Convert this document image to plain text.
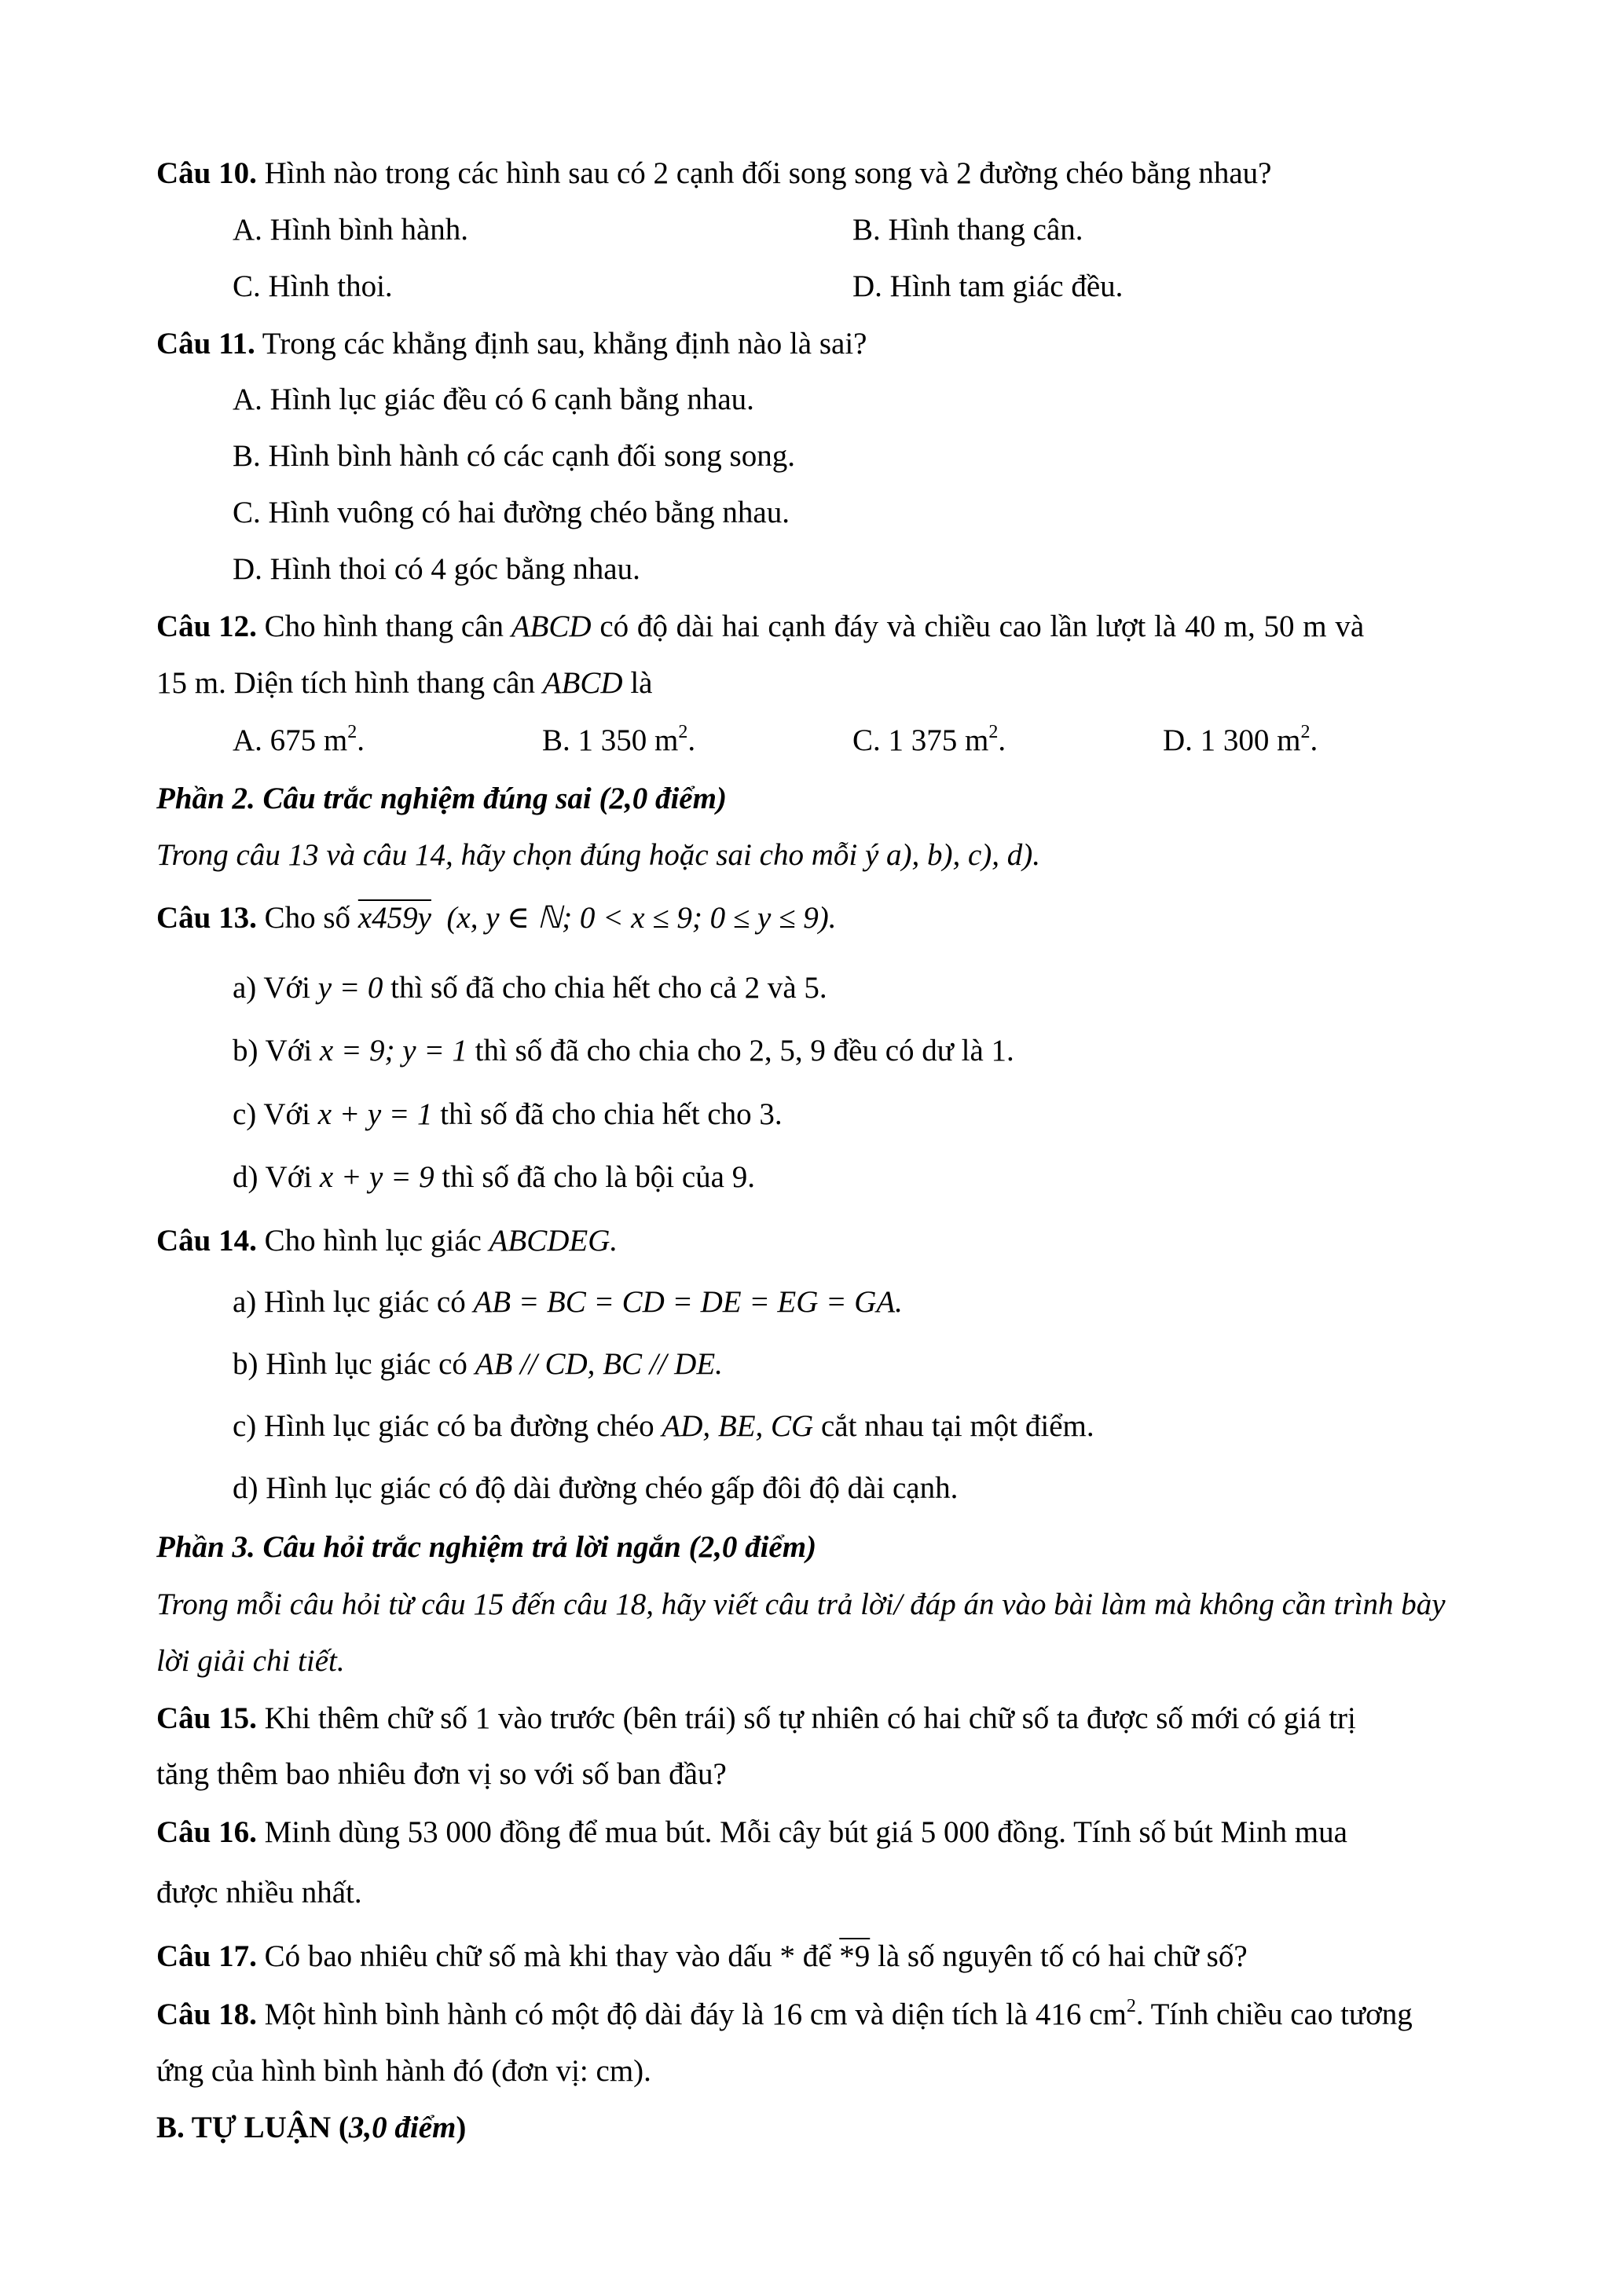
Câu 10. Hình nào trong các hình sau có 2 cạnh đối song song và 2 đường chéo bằng nhau?
A. Hình bình hành.	B. Hình thang cân.
C. Hình thoi.	D. Hình tam giác đều.
Câu 11. Trong các khẳng định sau, khẳng định nào là sai?
A. Hình lục giác đều có 6 cạnh bằng nhau.
B. Hình bình hành có các cạnh đối song song.
C. Hình vuông có hai đường chéo bằng nhau.
D. Hình thoi có 4 góc bằng nhau.
Câu 12. Cho hình thang cân ABCD có độ dài hai cạnh đáy và chiều cao lần lượt là 40 m, 50 m và
15 m. Diện tích hình thang cân ABCD là
A. 675 $m^2$.	B. 1 350 $m^2$.	C. 1 375 $m^2$.	D. 1 300 $m^2$.
Phần 2. Câu trắc nghiệm đúng sai (2,0 điểm)
Trong câu 13 và câu 14, hãy chọn đúng hoặc sai cho mỗi ý a), b), c), d).
Câu 13. Cho số x459y (x, y ∈ ℕ; 0 < x ≤ 9; 0 ≤ y ≤ 9).
a) Với y = 0 thì số đã cho chia hết cho cả 2 và 5.
b) Với x = 9; y = 1 thì số đã cho chia cho 2, 5, 9 đều có dư là 1.
c) Với x + y = 1 thì số đã cho chia hết cho 3.
d) Với x + y = 9 thì số đã cho là bội của 9.
Câu 14. Cho hình lục giác ABCDEG.
a) Hình lục giác có AB = BC = CD = DE = EG = GA.
b) Hình lục giác có AB // CD, BC // DE.
c) Hình lục giác có ba đường chéo AD, BE, CG cắt nhau tại một điểm.
d) Hình lục giác có độ dài đường chéo gấp đôi độ dài cạnh.
Phần 3. Câu hỏi trắc nghiệm trả lời ngắn (2,0 điểm)
Trong mỗi câu hỏi từ câu 15 đến câu 18, hãy viết câu trả lời/ đáp án vào bài làm mà không cần trình bày
lời giải chi tiết.
Câu 15. Khi thêm chữ số 1 vào trước (bên trái) số tự nhiên có hai chữ số ta được số mới có giá trị
tăng thêm bao nhiêu đơn vị so với số ban đầu?
Câu 16. Minh dùng 53 000 đồng để mua bút. Mỗi cây bút giá 5 000 đồng. Tính số bút Minh mua
được nhiều nhất.
Câu 17. Có bao nhiêu chữ số mà khi thay vào dấu * để *9 là số nguyên tố có hai chữ số?
Câu 18. Một hình bình hành có một độ dài đáy là 16 cm và diện tích là 416 $cm^2$. Tính chiều cao tương
ứng của hình bình hành đó (đơn vị: cm).
B. TỰ LUẬN (3,0 điểm)
